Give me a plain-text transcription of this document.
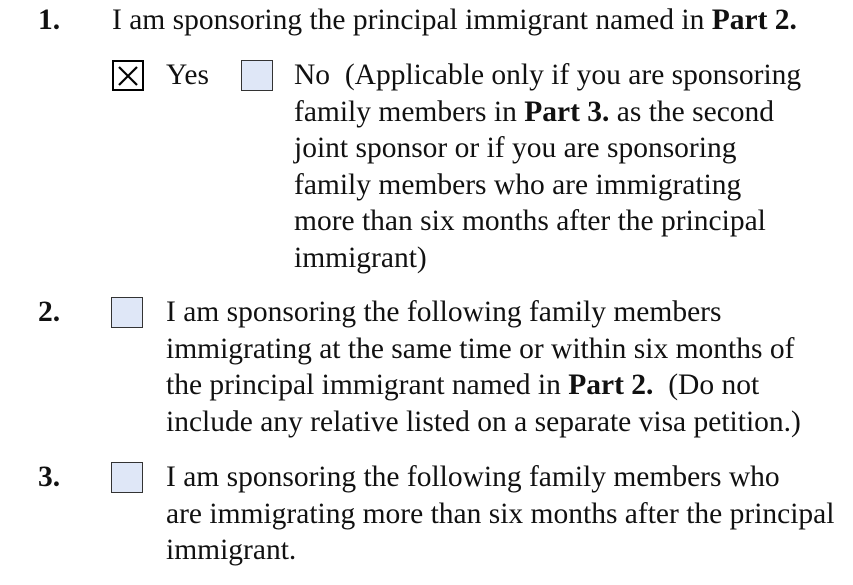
1. I am sponsoring the principal immigrant named in Part 2.
Yes	No (Applicable only if you are sponsoring
family members in Part 3. as the second
joint sponsor or if you are sponsoring
family members who are immigrating
more than six months after the principal
immigrant)
2.	I am sponsoring the following family members
immigrating at the same time or within six months of
the principal immigrant named in Part 2.  (Do not
include any relative listed on a separate visa petition.)
3.	I am sponsoring the following family members who
are immigrating more than six months after the principal
immigrant.
